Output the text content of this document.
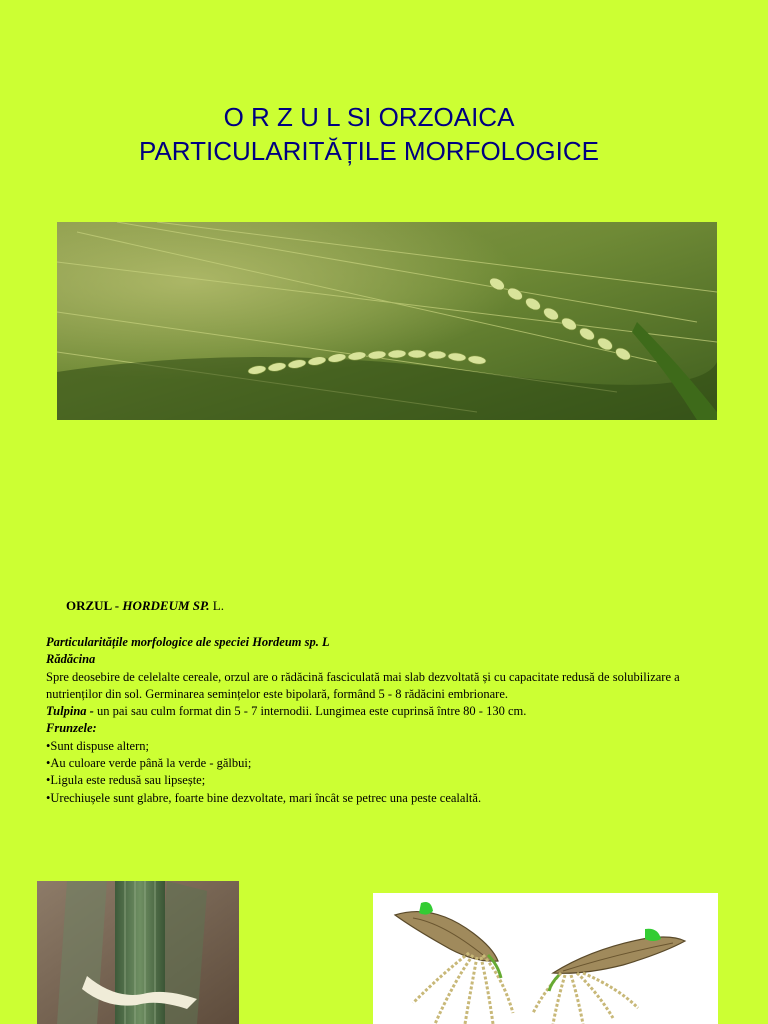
O R Z U L SI ORZOAICA
PARTICULARITĂȚILE MORFOLOGICE
ORZUL - HORDEUM SP. L.

Particularitățile morfologice ale speciei Hordeum sp. L

Rădăcina

Spre deosebire de celelalte cereale, orzul are o rădăcină fasciculată mai slab dezvoltată și cu capacitate redusă de solubilizare a nutrienților din sol. Germinarea semințelor este bipolară, formând 5 - 8 rădăcini embrionare.

Tulpina - un pai sau culm format din 5 - 7 internodii. Lungimea este cuprinsă între 80 - 130 cm.

Frunzele:

•Sunt dispuse altern;

•Au culoare verde până la verde - gălbui;

•Ligula este redusă sau lipsește;

•Urechiușele sunt glabre, foarte bine dezvoltate, mari încât se petrec una peste cealaltă.
